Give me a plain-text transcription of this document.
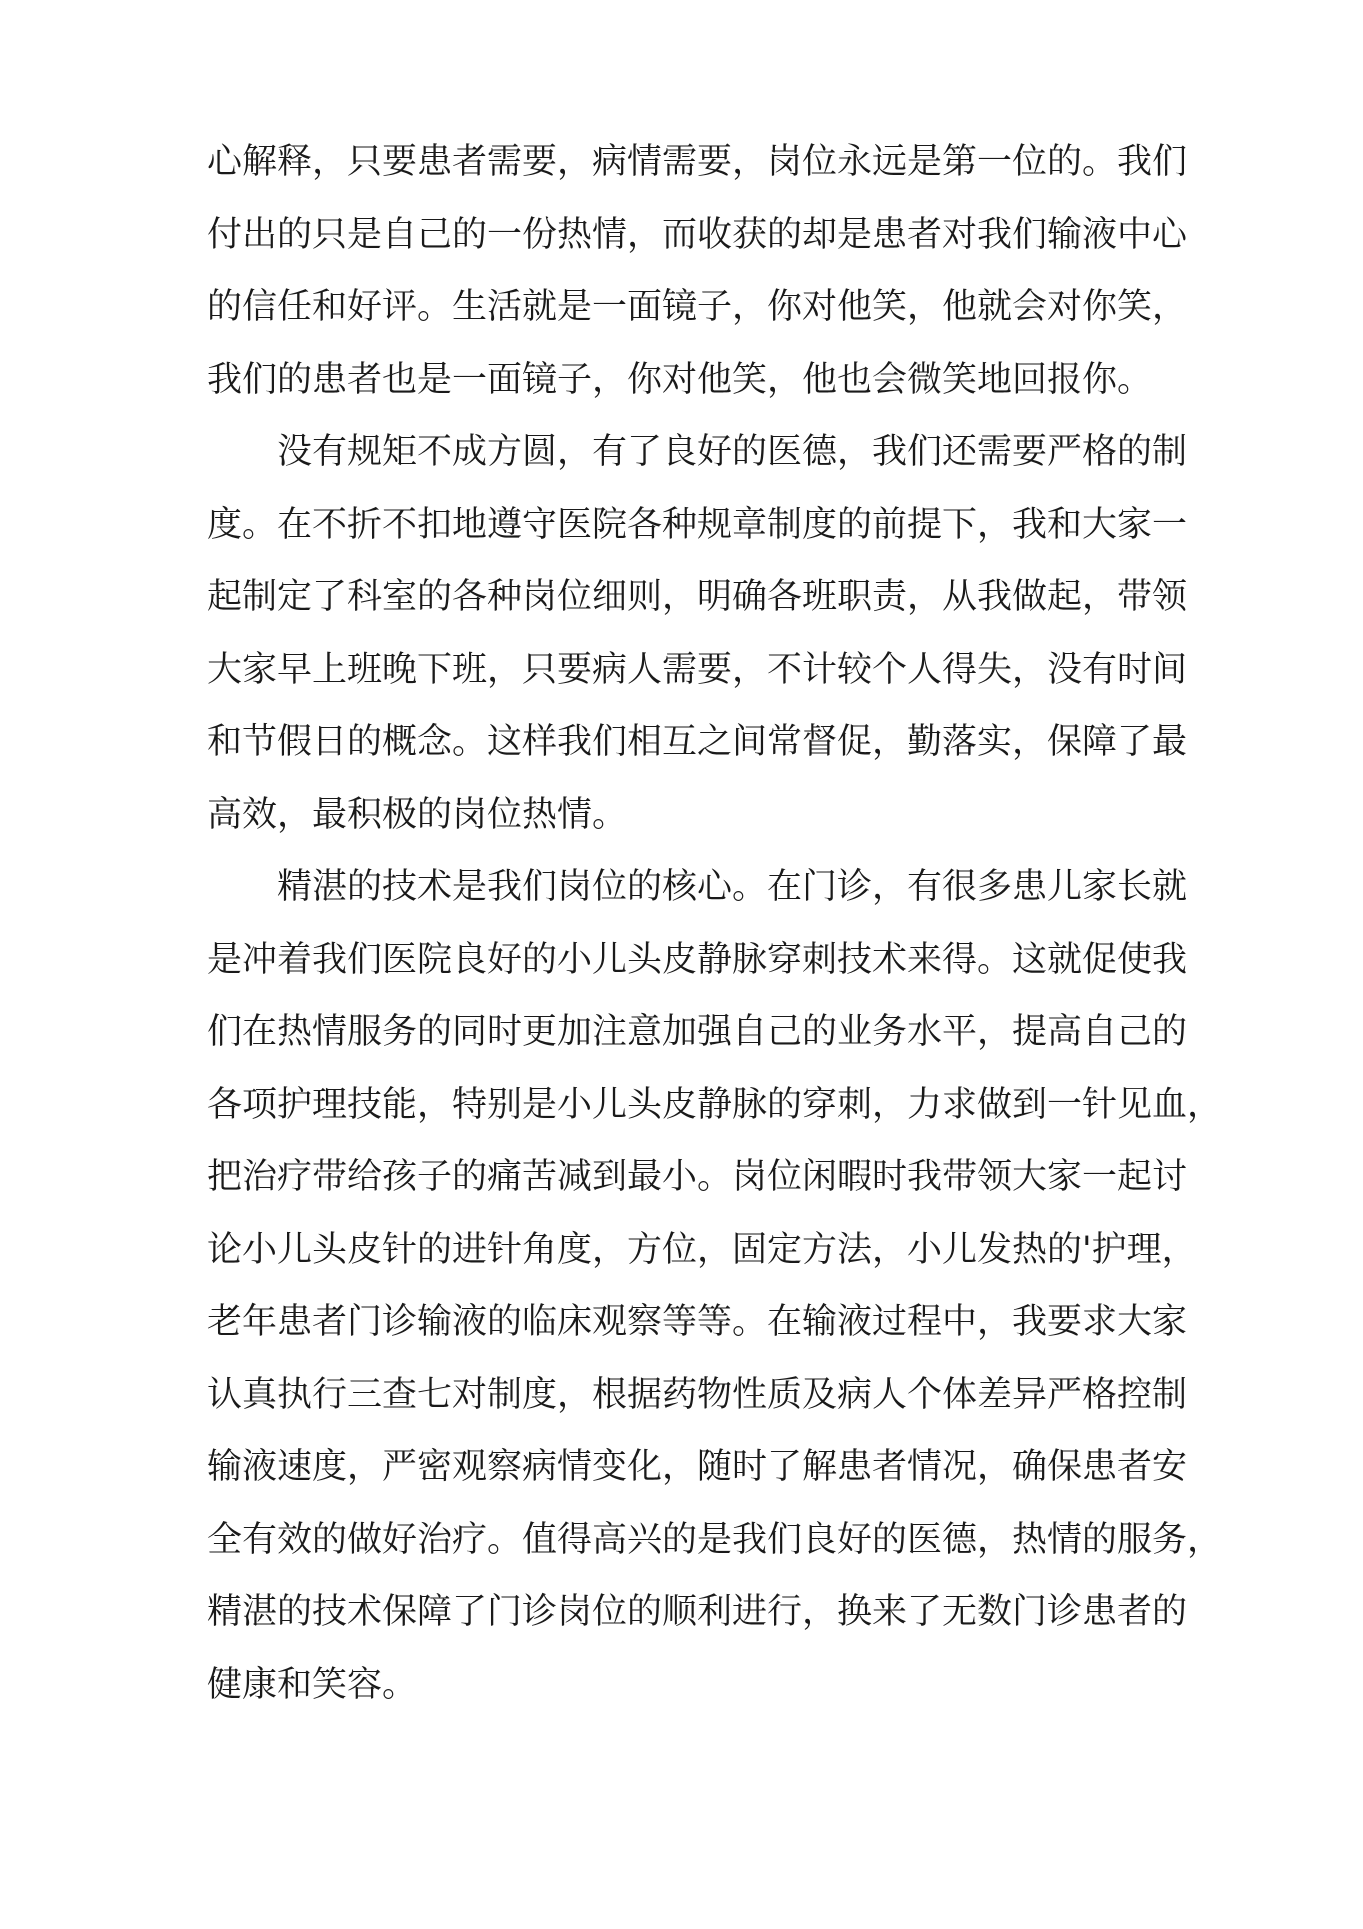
心解释，只要患者需要，病情需要，岗位永远是第一位的。我们
付出的只是自己的一份热情，而收获的却是患者对我们输液中心
的信任和好评。生活就是一面镜子，你对他笑，他就会对你笑，
我们的患者也是一面镜子，你对他笑，他也会微笑地回报你。
没有规矩不成方圆，有了良好的医德，我们还需要严格的制
度。在不折不扣地遵守医院各种规章制度的前提下，我和大家一
起制定了科室的各种岗位细则，明确各班职责，从我做起，带领
大家早上班晚下班，只要病人需要，不计较个人得失，没有时间
和节假日的概念。这样我们相互之间常督促，勤落实，保障了最
高效，最积极的岗位热情。
精湛的技术是我们岗位的核心。在门诊，有很多患儿家长就
是冲着我们医院良好的小儿头皮静脉穿刺技术来得。这就促使我
们在热情服务的同时更加注意加强自己的业务水平，提高自己的
各项护理技能，特别是小儿头皮静脉的穿刺，力求做到一针见血，
把治疗带给孩子的痛苦减到最小。岗位闲暇时我带领大家一起讨
论小儿头皮针的进针角度，方位，固定方法，小儿发热的'护理，
老年患者门诊输液的临床观察等等。在输液过程中，我要求大家
认真执行三查七对制度，根据药物性质及病人个体差异严格控制
输液速度，严密观察病情变化，随时了解患者情况，确保患者安
全有效的做好治疗。值得高兴的是我们良好的医德，热情的服务，
精湛的技术保障了门诊岗位的顺利进行，换来了无数门诊患者的
健康和笑容。
